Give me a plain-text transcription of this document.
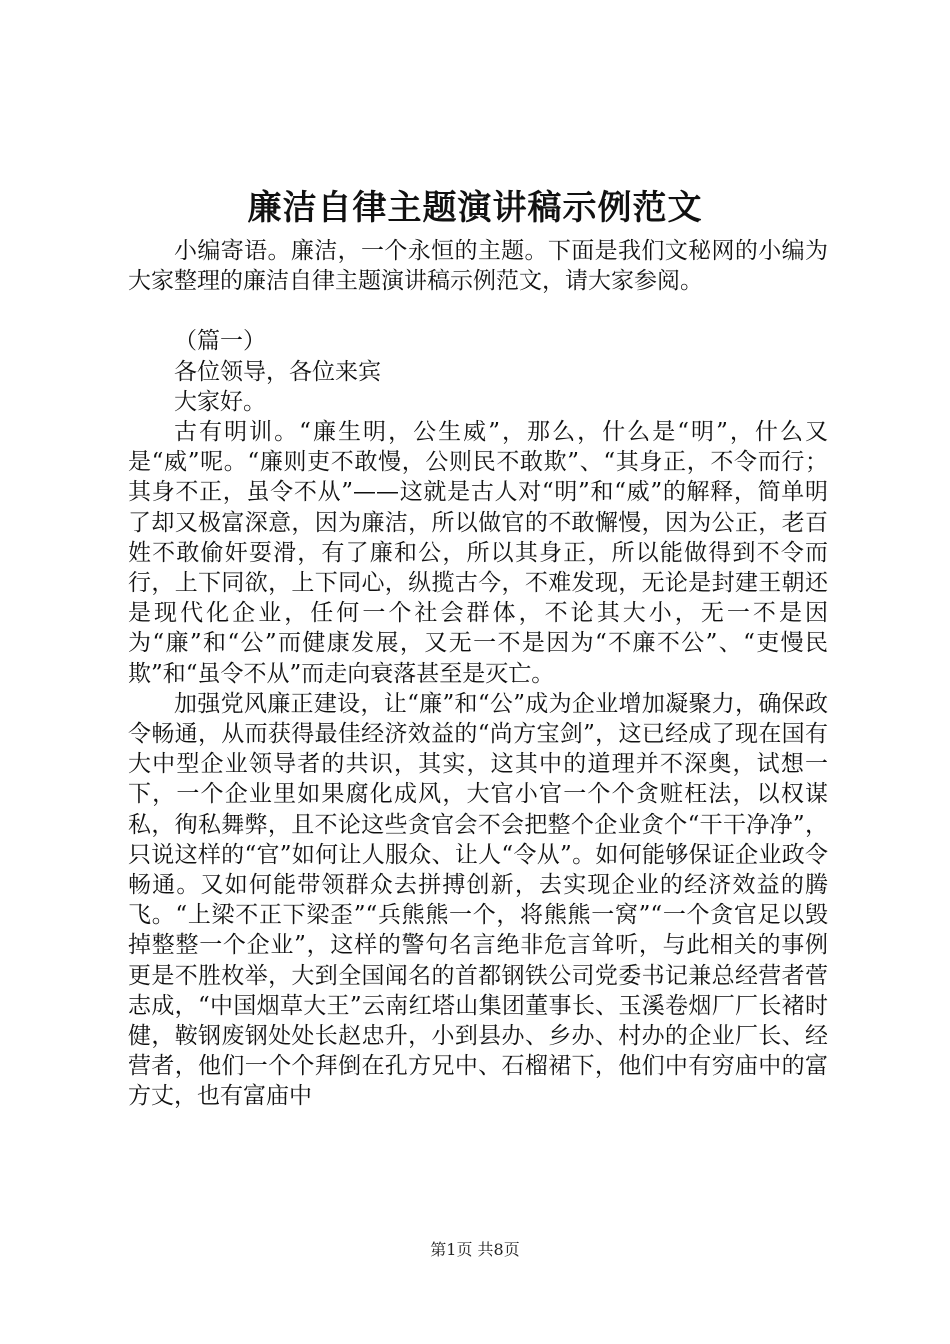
廉洁自律主题演讲稿示例范文

小编寄语。廉洁，一个永恒的主题。下面是我们文秘网的小编为大家整理的廉洁自律主题演讲稿示例范文，请大家参阅。

（篇一）

各位领导，各位来宾

大家好。

古有明训。“廉生明，公生威”，那么，什么是“明”，什么又是“威”呢。“廉则吏不敢慢，公则民不敢欺”、“其身正，不令而行；其身不正，虽令不从”——这就是古人对“明”和“威”的解释，简单明了却又极富深意，因为廉洁，所以做官的不敢懈慢，因为公正，老百姓不敢偷奸耍滑，有了廉和公，所以其身正，所以能做得到不令而行，上下同欲，上下同心，纵揽古今，不难发现，无论是封建王朝还是现代化企业，任何一个社会群体，不论其大小，无一不是因为“廉”和“公”而健康发展，又无一不是因为“不廉不公”、“吏慢民欺”和“虽令不从”而走向衰落甚至是灭亡。

加强党风廉正建设，让“廉”和“公”成为企业增加凝聚力，确保政令畅通，从而获得最佳经济效益的“尚方宝剑”，这已经成了现在国有大中型企业领导者的共识，其实，这其中的道理并不深奥，试想一下，一个企业里如果腐化成风，大官小官一个个贪赃枉法，以权谋私，徇私舞弊，且不论这些贪官会不会把整个企业贪个“干干净净”，只说这样的“官”如何让人服众、让人“令从”。如何能够保证企业政令畅通。又如何能带领群众去拼搏创新，去实现企业的经济效益的腾飞。“上梁不正下梁歪”“兵熊熊一个，将熊熊一窝”“一个贪官足以毁掉整整一个企业”，这样的警句名言绝非危言耸听，与此相关的事例更是不胜枚举，大到全国闻名的首都钢铁公司党委书记兼总经营者菅志成，“中国烟草大王”云南红塔山集团董事长、玉溪卷烟厂厂长褚时健，鞍钢废钢处处长赵忠升，小到县办、乡办、村办的企业厂长、经营者，他们一个个拜倒在孔方兄中、石榴裙下，他们中有穷庙中的富方丈，也有富庙中

第1页 共8页
